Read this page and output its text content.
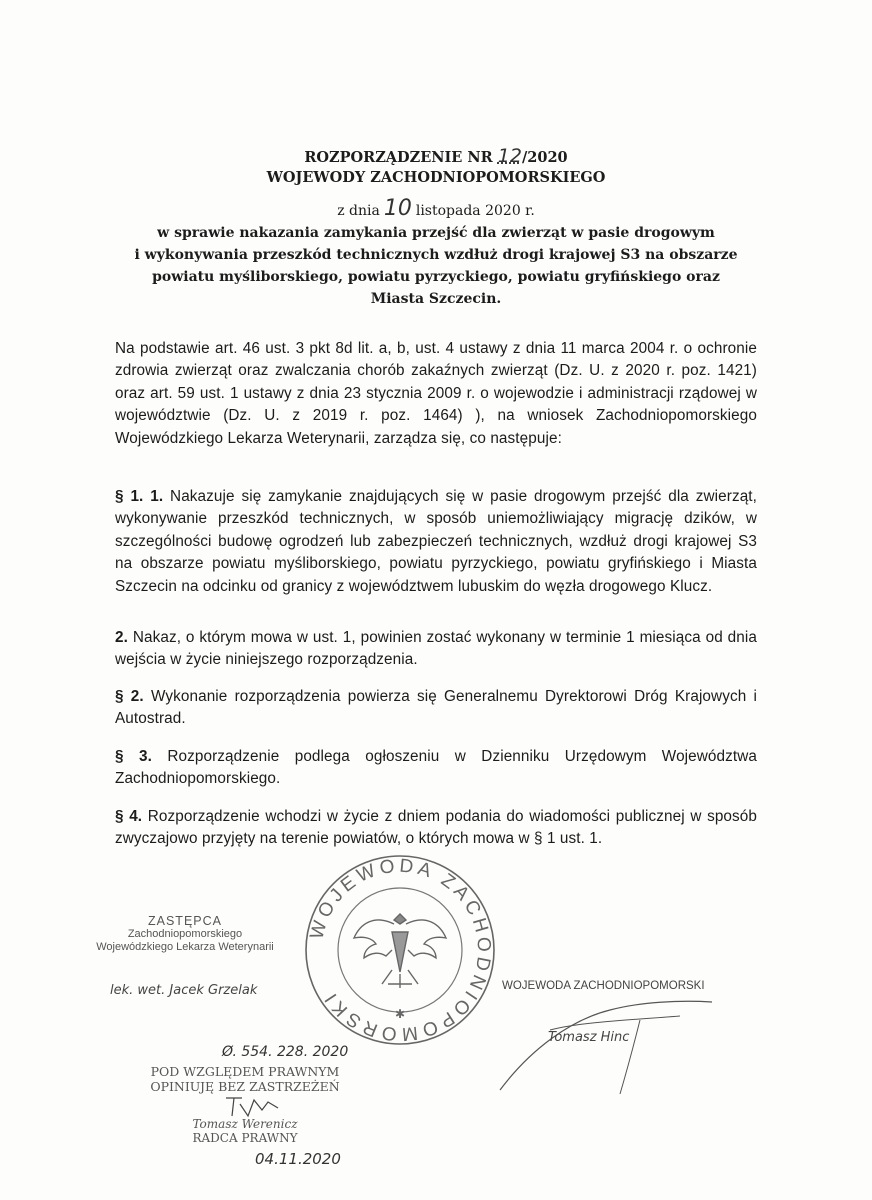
ROZPORZĄDZENIE NR 12/2020
WOJEWODY ZACHODNIOPOMORSKIEGO
z dnia 10 listopada 2020 r.
w sprawie nakazania zamykania przejść dla zwierząt w pasie drogowym
i wykonywania przeszkód technicznych wzdłuż drogi krajowej S3 na obszarze
powiatu myśliborskiego, powiatu pyrzyckiego, powiatu gryfińskiego oraz
Miasta Szczecin.
Na podstawie art. 46 ust. 3 pkt 8d lit. a, b, ust. 4 ustawy z dnia 11 marca 2004 r. o ochronie zdrowia zwierząt oraz zwalczania chorób zakaźnych zwierząt (Dz. U. z 2020 r. poz. 1421) oraz art. 59 ust. 1 ustawy z dnia 23 stycznia 2009 r. o wojewodzie i administracji rządowej w województwie (Dz. U. z 2019 r. poz. 1464) ), na wniosek Zachodniopomorskiego Wojewódzkiego Lekarza Weterynarii, zarządza się, co następuje:
§ 1. 1. Nakazuje się zamykanie znajdujących się w pasie drogowym przejść dla zwierząt, wykonywanie przeszkód technicznych, w sposób uniemożliwiający migrację dzików, w szczególności budowę ogrodzeń lub zabezpieczeń technicznych, wzdłuż drogi krajowej S3 na obszarze powiatu myśliborskiego, powiatu pyrzyckiego, powiatu gryfińskiego i Miasta Szczecin na odcinku od granicy z województwem lubuskim do węzła drogowego Klucz.
2. Nakaz, o którym mowa w ust. 1, powinien zostać wykonany w terminie 1 miesiąca od dnia wejścia w życie niniejszego rozporządzenia.
§ 2. Wykonanie rozporządzenia powierza się Generalnemu Dyrektorowi Dróg Krajowych i Autostrad.
§ 3. Rozporządzenie podlega ogłoszeniu w Dzienniku Urzędowym Województwa Zachodniopomorskiego.
§ 4. Rozporządzenie wchodzi w życie z dniem podania do wiadomości publicznej w sposób zwyczajowo przyjęty na terenie powiatów, o których mowa w § 1 ust. 1.
ZASTĘPCA
Zachodniopomorskiego
Wojewódzkiego Lekarza Weterynarii
lek. wet. Jacek Grzelak
WOJEWODA ZACHODNIOPOMORSKI
✱
WOJEWODA ZACHODNIOPOMORSKI
Tomasz Hinc
Ø. 554. 228. 2020
POD WZGLĘDEM PRAWNYM
OPINIUJĘ BEZ ZASTRZEŻEŃ
Tomasz Werenicz
RADCA PRAWNY
04.11.2020
